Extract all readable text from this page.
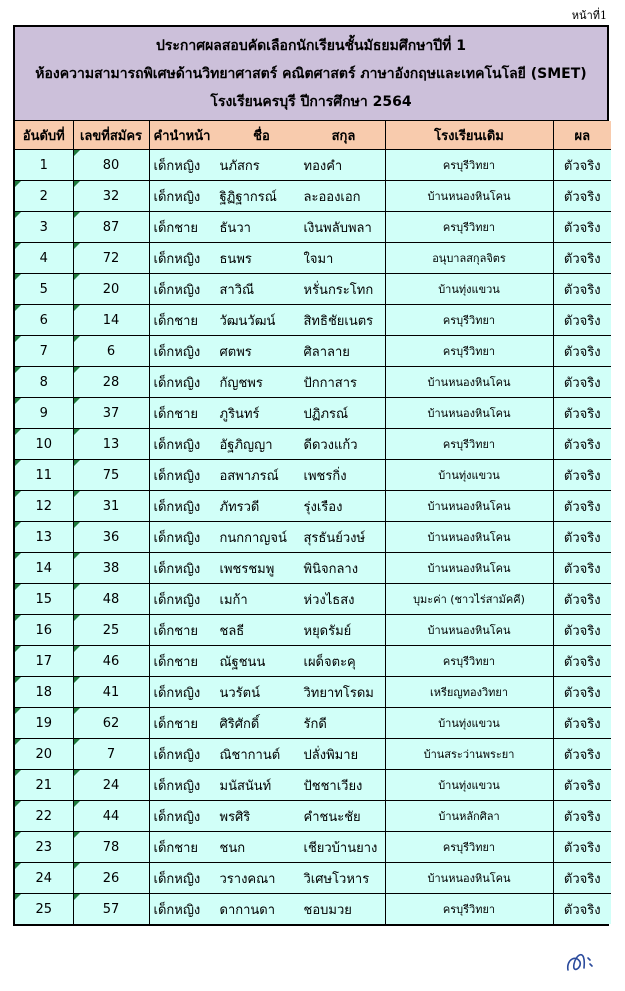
หน้าที่1
ประกาศผลสอบคัดเลือกนักเรียนชั้นมัธยมศึกษาปีที่ 1
ห้องความสามารถพิเศษด้านวิทยาศาสตร์ คณิตศาสตร์ ภาษาอังกฤษและเทคโนโลยี (SMET)
โรงเรียนครบุรี ปีการศึกษา 2564
อันดับที่	เลขที่สมัคร	คำนำหน้า ชื่อ สกุล	โรงเรียนเดิม	ผล
1	80	เด็กหญิง นภัสกร ทองคำ	ครบุรีวิทยา	ตัวจริง
2	32	เด็กหญิง ฐิฏิฐากรณ์ ละอองเอก	บ้านหนองหินโคน	ตัวจริง
3	87	เด็กชาย ธันวา เงินพลับพลา	ครบุรีวิทยา	ตัวจริง
4	72	เด็กหญิง ธนพร ใจมา	อนุบาลสกุลจิตร	ตัวจริง
5	20	เด็กหญิง สาวิณี หรั่นกระโทก	บ้านทุ่งแขวน	ตัวจริง
6	14	เด็กชาย วัฒนวัฒน์ สิทธิชัยเนตร	ครบุรีวิทยา	ตัวจริง
7	6	เด็กหญิง ศตพร ศิลาลาย	ครบุรีวิทยา	ตัวจริง
8	28	เด็กหญิง กัญชพร ปักกาสาร	บ้านหนองหินโคน	ตัวจริง
9	37	เด็กชาย ภูรินทร์ ปฏิภรณ์	บ้านหนองหินโคน	ตัวจริง
10	13	เด็กหญิง อัฐภิญญา ดีดวงแก้ว	ครบุรีวิทยา	ตัวจริง
11	75	เด็กหญิง อสพาภรณ์ เพชรกิ่ง	บ้านทุ่งแขวน	ตัวจริง
12	31	เด็กหญิง ภัทรวดี รุ่งเรือง	บ้านหนองหินโคน	ตัวจริง
13	36	เด็กหญิง กนกกาญจน์ สุรธันย์วงษ์	บ้านหนองหินโคน	ตัวจริง
14	38	เด็กหญิง เพชรชมพู พินิจกลาง	บ้านหนองหินโคน	ตัวจริง
15	48	เด็กหญิง เมก้า ห่วงไธสง	บุมะค่า (ชาวไร่สามัคคี)	ตัวจริง
16	25	เด็กชาย ชลธี หยุดรัมย์	บ้านหนองหินโคน	ตัวจริง
17	46	เด็กชาย ณัฐชนน เผด็จตะคุ	ครบุรีวิทยา	ตัวจริง
18	41	เด็กหญิง นวรัตน์ วิทยาทโรดม	เหรียญทองวิทยา	ตัวจริง
19	62	เด็กชาย ศิริศักดิ์ รักดี	บ้านทุ่งแขวน	ตัวจริง
20	7	เด็กหญิง ณิชากานต์ ปลั่งพิมาย	บ้านสระว่านพระยา	ตัวจริง
21	24	เด็กหญิง มนัสนันท์ ปัชชาเวียง	บ้านทุ่งแขวน	ตัวจริง
22	44	เด็กหญิง พรศิริ คำชนะชัย	บ้านหลักศิลา	ตัวจริง
23	78	เด็กชาย ชนก เชียวบ้านยาง	ครบุรีวิทยา	ตัวจริง
24	26	เด็กหญิง วรางคณา วิเศษโวหาร	บ้านหนองหินโคน	ตัวจริง
25	57	เด็กหญิง ดากานดา ชอบมวย	ครบุรีวิทยา	ตัวจริง
